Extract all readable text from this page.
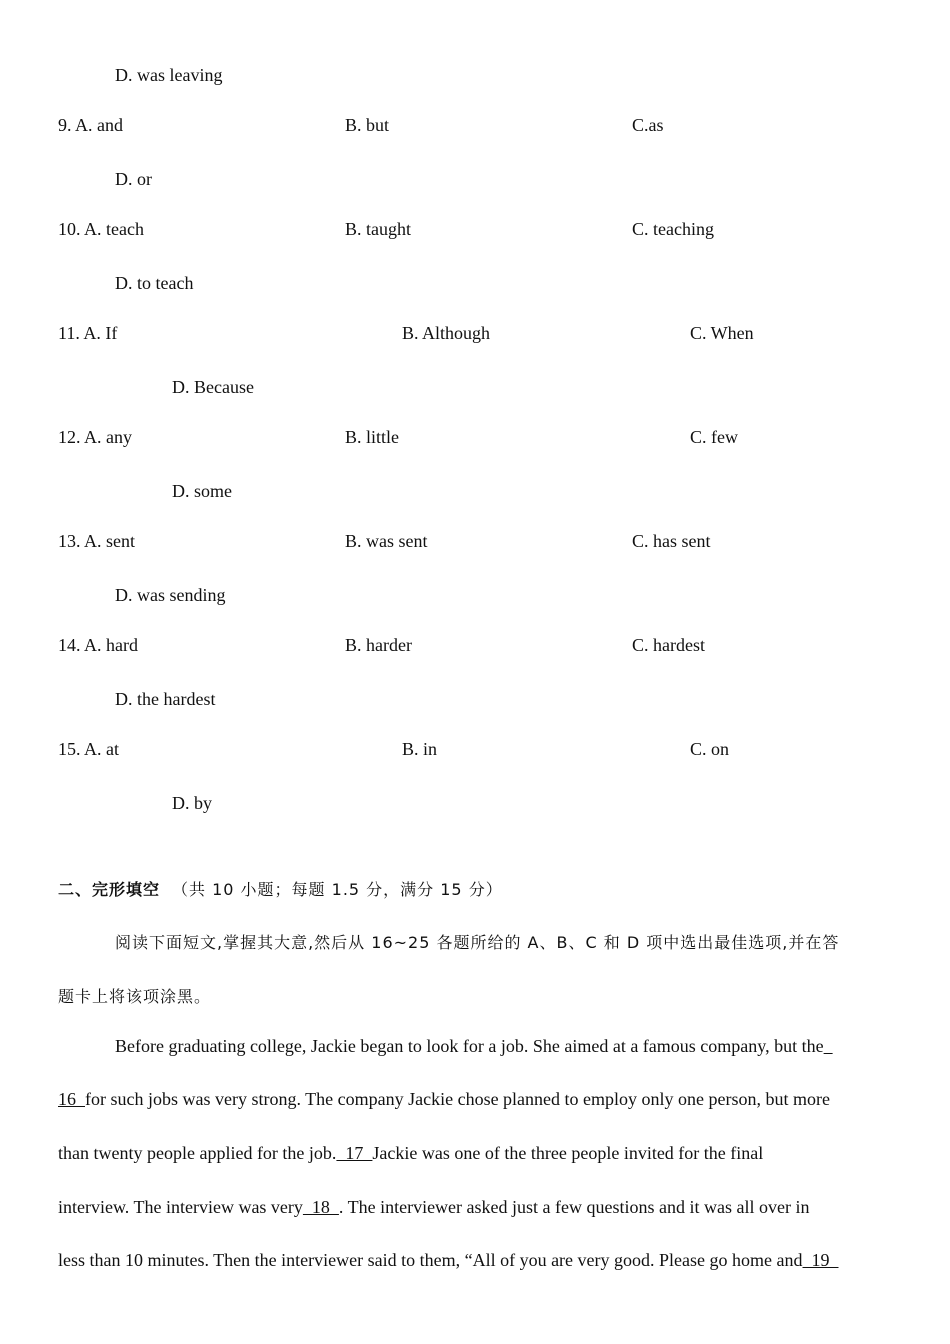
D. was leaving
9. A. and	B. but	C.as
D. or
10. A. teach	B. taught	C. teaching
D. to teach
11. A. If	B. Although	C. When
D. Because
12. A. any	B. little	C. few
D. some
13. A. sent	B. was sent	C. has sent
D. was sending
14. A. hard	B. harder	C. hardest
D. the hardest
15. A. at	B. in	C. on
D. by
二、完形填空 （共 10 小题；每题 1.5 分，满分 15 分）
阅读下面短文,掌握其大意,然后从 16~25 各题所给的 A、B、C 和 D 项中选出最佳选项,并在答
题卡上将该项涂黑。
Before graduating college, Jackie began to look for a job. She aimed at a famous company, but the
16  for such jobs was very strong. The company Jackie chose planned to employ only one person, but more
than twenty people applied for the job.  17  Jackie was one of the three people invited for the final
interview. The interview was very  18  . The interviewer asked just a few questions and it was all over in
less than 10 minutes. Then the interviewer said to them, “All of you are very good. Please go home and  19
